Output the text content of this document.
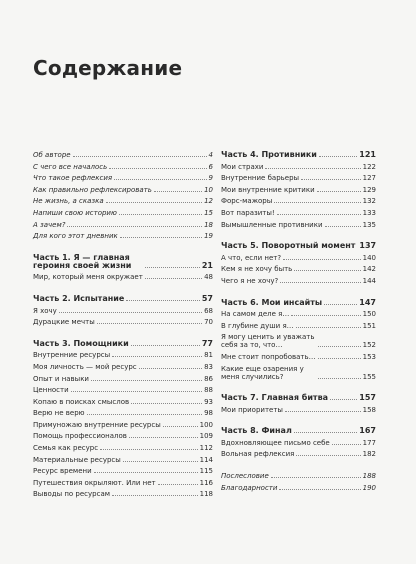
Содержание
Об авторе	4
С чего все началось	6
Что такое рефлексия	9
Как правильно рефлексировать	10
Не жизнь, а сказка	12
Напиши свою историю	15
А зачем?	18
Для кого этот дневник	19
Часть 1. Я — главная героиня своей жизни	21
Мир, который меня окружает	48
Часть 2. Испытание	57
Я хочу	68
Дурацкие мечты	70
Часть 3. Помощники	77
Внутренние ресурсы	81
Моя личность — мой ресурс	83
Опыт и навыки	86
Ценности	88
Копаю в поисках смыслов	93
Верю не верю	98
Примуножаю внутренние ресурсы	100
Помощь профессионалов	109
Семья как ресурс	112
Материальные ресурсы	114
Ресурс времени	115
Путешествия окрыляют. Или нет	116
Выводы по ресурсам	118
Часть 4. Противники	121
Мои страхи	122
Внутренние барьеры	127
Мои внутренние критики	129
Форс-мажоры	132
Вот паразиты!	133
Вымышленные противники	135
Часть 5. Поворотный момент 137
А что, если нет?	140
Кем я не хочу быть	142
Чего я не хочу?	144
Часть 6. Мои инсайты	147
На самом деле я…	150
В глубине души я…	151
Я могу ценить и уважать себя за то, что…	152
Мне стоит попробовать…	153
Какие еще озарения у меня случились?	155
Часть 7. Главная битва	157
Мои приоритеты	158
Часть 8. Финал	167
Вдохновляющее письмо себе	177
Вольная рефлексия	182
Послесловие	188
Благодарности	190
